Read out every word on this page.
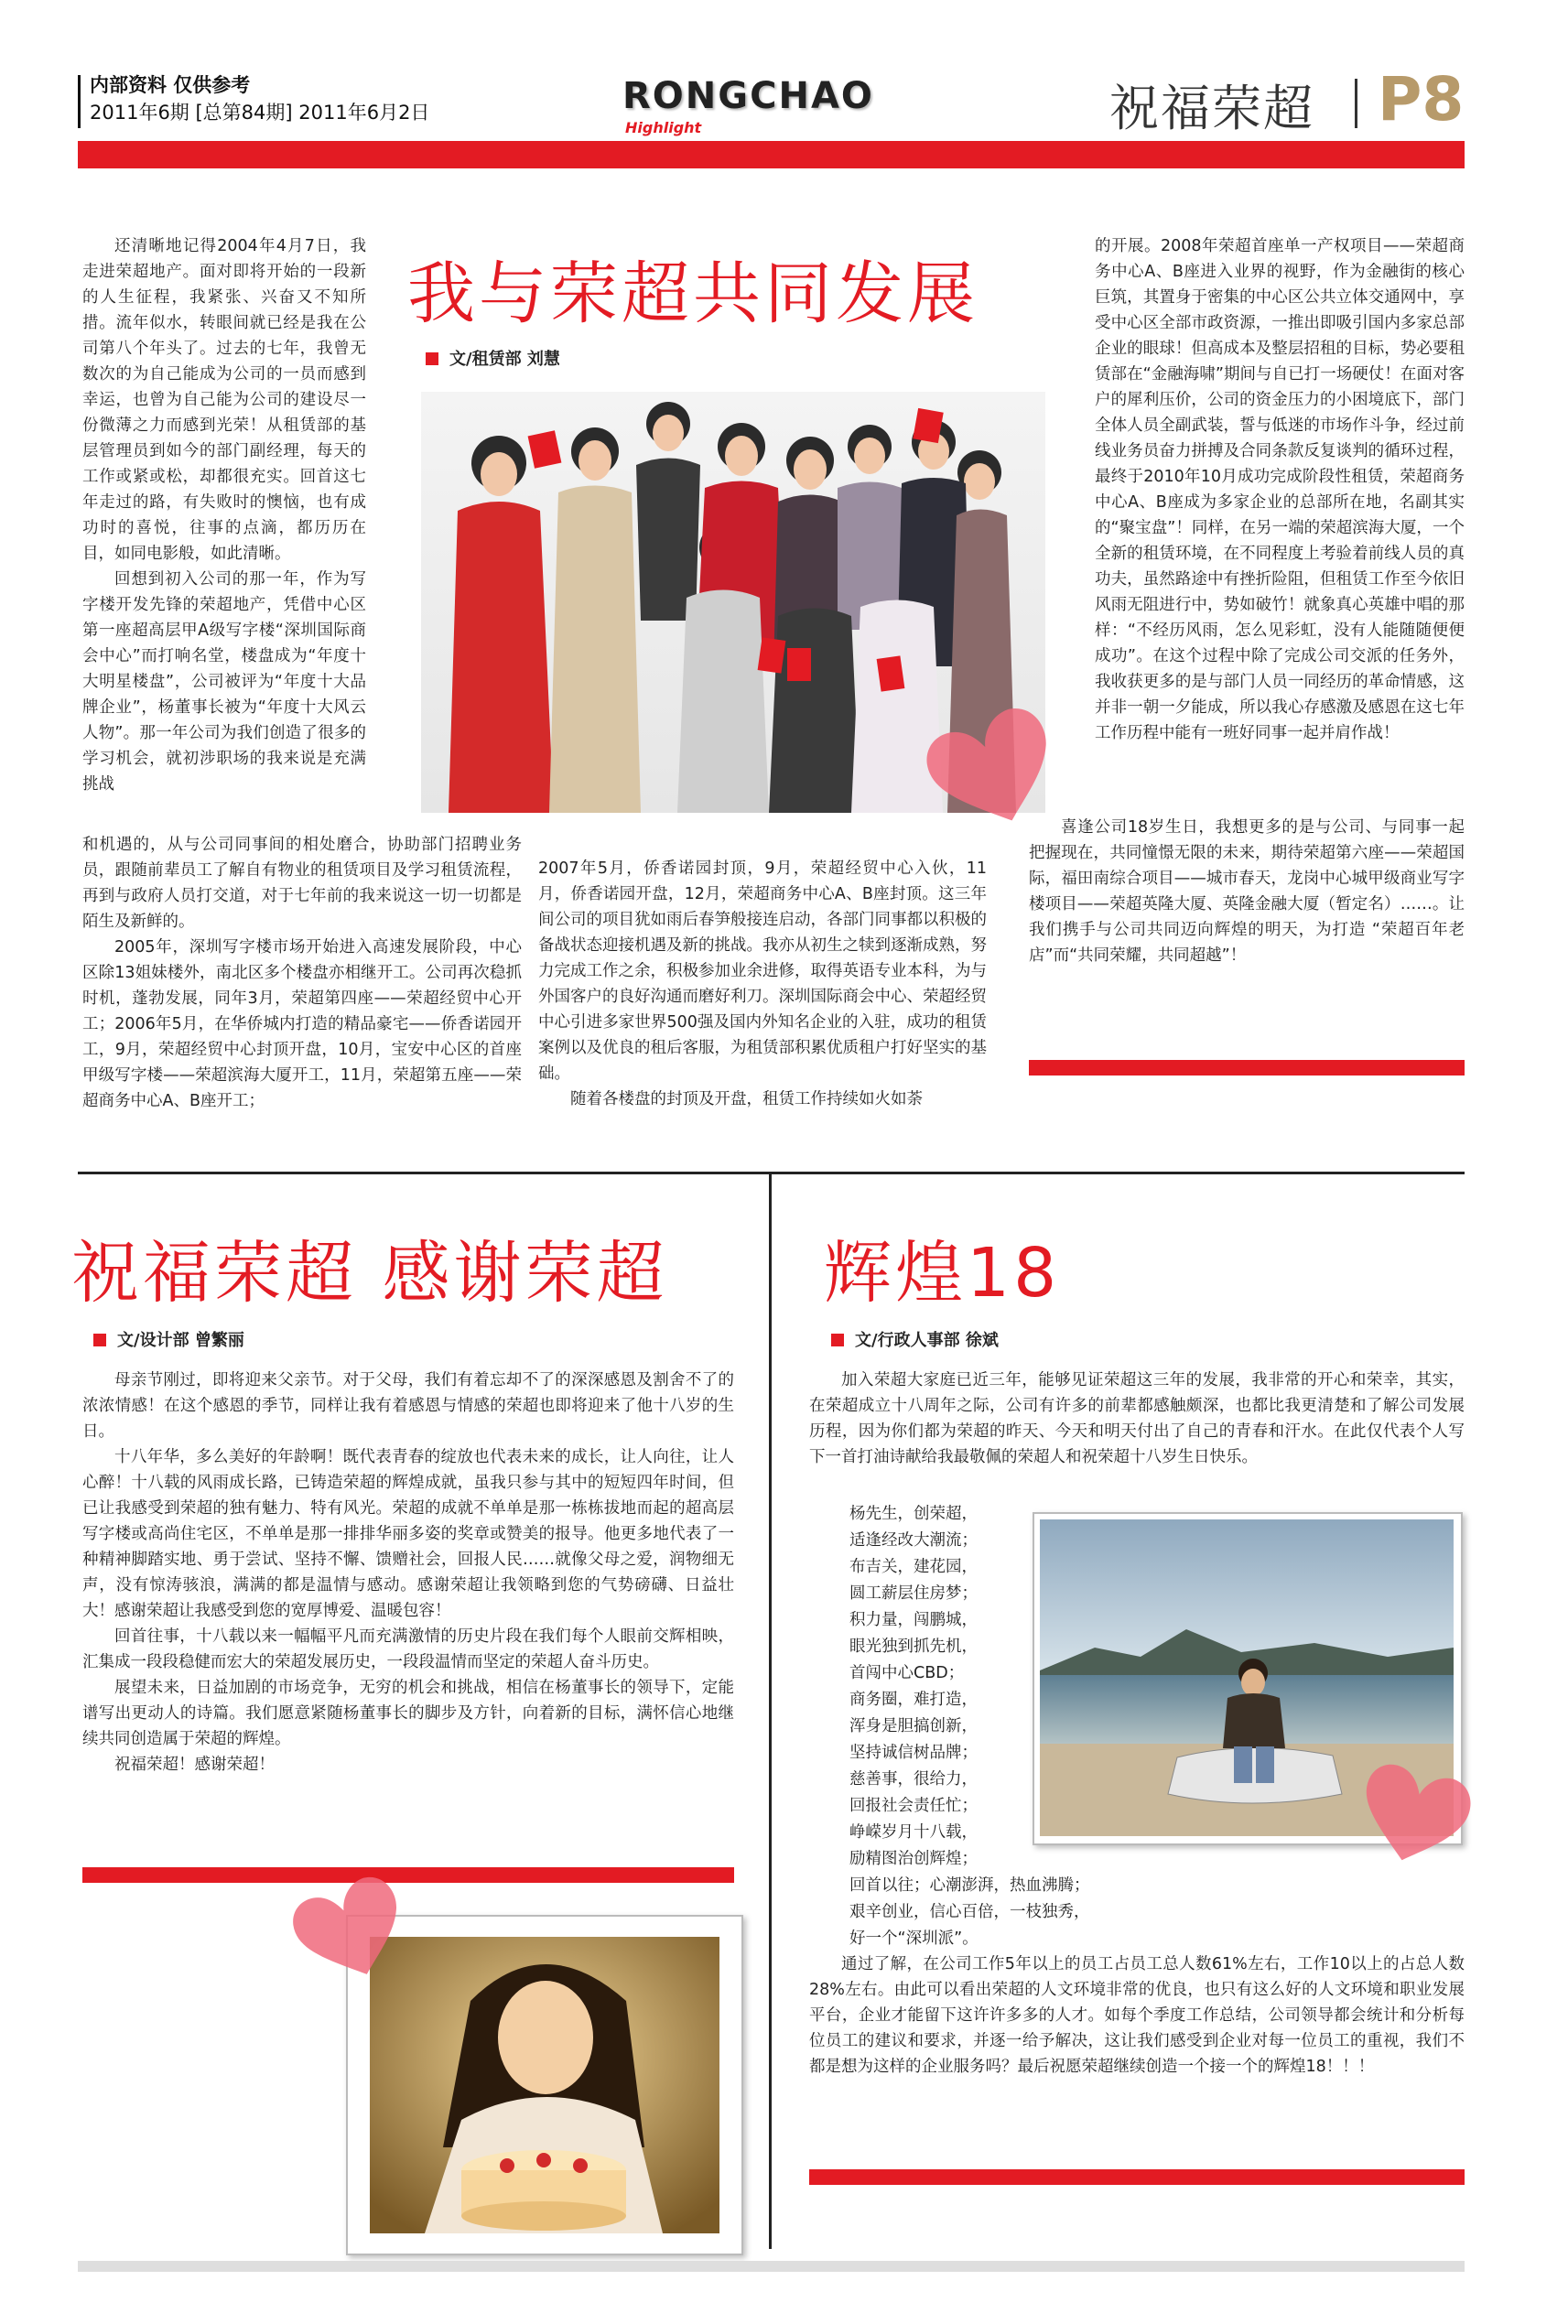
内部资料 仅供参考
2011年6期 [总第84期] 2011年6月2日	RONGCHAO
Highlight	祝福荣超 P8
我与荣超共同发展
文/租赁部 刘慧

还清晰地记得2004年4月7日，我走进荣超地产。面对即将开始的一段新的人生征程，我紧张、兴奋又不知所措。流年似水，转眼间就已经是我在公司第八个年头了。过去的七年，我曾无数次的为自己能成为公司的一员而感到幸运，也曾为自己能为公司的建设尽一份微薄之力而感到光荣！从租赁部的基层管理员到如今的部门副经理，每天的工作或紧或松，却都很充实。回首这七年走过的路，有失败时的懊恼，也有成功时的喜悦，往事的点滴，都历历在目，如同电影般，如此清晰。

回想到初入公司的那一年，作为写字楼开发先锋的荣超地产，凭借中心区第一座超高层甲A级写字楼“深圳国际商会中心”而打响名堂，楼盘成为“年度十大明星楼盘”，公司被评为“年度十大品牌企业”，杨董事长被为“年度十大风云人物”。那一年公司为我们创造了很多的学习机会，就初涉职场的我来说是充满挑战

和机遇的，从与公司同事间的相处磨合，协助部门招聘业务员，跟随前辈员工了解自有物业的租赁项目及学习租赁流程，再到与政府人员打交道，对于七年前的我来说这一切一切都是陌生及新鲜的。

2005年，深圳写字楼市场开始进入高速发展阶段，中心区除13姐妹楼外，南北区多个楼盘亦相继开工。公司再次稳抓时机，蓬勃发展，同年3月，荣超第四座——荣超经贸中心开工；2006年5月，在华侨城内打造的精品豪宅——侨香诺园开工，9月，荣超经贸中心封顶开盘，10月，宝安中心区的首座甲级写字楼——荣超滨海大厦开工，11月，荣超第五座——荣超商务中心A、B座开工；

2007年5月，侨香诺园封顶，9月，荣超经贸中心入伙，11月，侨香诺园开盘，12月，荣超商务中心A、B座封顶。这三年间公司的项目犹如雨后春笋般接连启动，各部门同事都以积极的备战状态迎接机遇及新的挑战。我亦从初生之犊到逐渐成熟，努力完成工作之余，积极参加业余进修，取得英语专业本科，为与外国客户的良好沟通而磨好利刀。深圳国际商会中心、荣超经贸中心引进多家世界500强及国内外知名企业的入驻，成功的租赁案例以及优良的租后客服，为租赁部积累优质租户打好坚实的基础。

随着各楼盘的封顶及开盘，租赁工作持续如火如荼

的开展。2008年荣超首座单一产权项目——荣超商务中心A、B座进入业界的视野，作为金融街的核心巨筑，其置身于密集的中心区公共立体交通网中，享受中心区全部市政资源，一推出即吸引国内多家总部企业的眼球！但高成本及整层招租的目标，势必要租赁部在“金融海啸”期间与自已打一场硬仗！在面对客户的犀利压价，公司的资金压力的小困境底下，部门全体人员全副武装，誓与低迷的市场作斗争，经过前线业务员奋力拼搏及合同条款反复谈判的循环过程，最终于2010年10月成功完成阶段性租赁，荣超商务中心A、B座成为多家企业的总部所在地，名副其实的“聚宝盘”！同样，在另一端的荣超滨海大厦，一个全新的租赁环境，在不同程度上考验着前线人员的真功夫，虽然路途中有挫折险阻，但租赁工作至今依旧风雨无阻进行中，势如破竹！就象真心英雄中唱的那样：“不经历风雨，怎么见彩虹，没有人能随随便便成功”。在这个过程中除了完成公司交派的任务外，我收获更多的是与部门人员一同经历的革命情感，这并非一朝一夕能成，所以我心存感激及感恩在这七年工作历程中能有一班好同事一起并肩作战！

喜逢公司18岁生日，我想更多的是与公司、与同事一起把握现在，共同憧憬无限的未来，期待荣超第六座——荣超国际，福田南综合项目——城市春天，龙岗中心城甲级商业写字楼项目——荣超英隆大厦、英隆金融大厦（暂定名）……。让我们携手与公司共同迈向辉煌的明天，为打造 “荣超百年老店”而“共同荣耀，共同超越”！

祝福荣超 感谢荣超
文/设计部 曾繁丽

母亲节刚过，即将迎来父亲节。对于父母，我们有着忘却不了的深深感恩及割舍不了的浓浓情感！在这个感恩的季节，同样让我有着感恩与情感的荣超也即将迎来了他十八岁的生日。

十八年华，多么美好的年龄啊！既代表青春的绽放也代表未来的成长，让人向往，让人心醉！十八载的风雨成长路，已铸造荣超的辉煌成就，虽我只参与其中的短短四年时间，但已让我感受到荣超的独有魅力、特有风光。荣超的成就不单单是那一栋栋拔地而起的超高层写字楼或高尚住宅区，不单单是那一排排华丽多姿的奖章或赞美的报导。他更多地代表了一种精神脚踏实地、勇于尝试、坚持不懈、馈赠社会，回报人民……就像父母之爱，润物细无声，没有惊涛骇浪，满满的都是温情与感动。感谢荣超让我领略到您的气势磅礴、日益壮大！感谢荣超让我感受到您的宽厚博爱、温暖包容！

回首往事，十八载以来一幅幅平凡而充满激情的历史片段在我们每个人眼前交辉相映，汇集成一段段稳健而宏大的荣超发展历史，一段段温情而坚定的荣超人奋斗历史。

展望未来，日益加剧的市场竞争，无穷的机会和挑战，相信在杨董事长的领导下，定能谱写出更动人的诗篇。我们愿意紧随杨董事长的脚步及方针，向着新的目标，满怀信心地继续共同创造属于荣超的辉煌。

祝福荣超！感谢荣超！

辉煌18
文/行政人事部 徐斌

加入荣超大家庭已近三年，能够见证荣超这三年的发展，我非常的开心和荣幸，其实，在荣超成立十八周年之际，公司有许多的前辈都感触颇深，也都比我更清楚和了解公司发展历程，因为你们都为荣超的昨天、今天和明天付出了自己的青春和汗水。在此仅代表个人写下一首打油诗献给我最敬佩的荣超人和祝荣超十八岁生日快乐。

杨先生，创荣超，
适逢经改大潮流；
布吉关，建花园，
圆工薪层住房梦；
积力量，闯鹏城，
眼光独到抓先机，
首闯中心CBD；
商务圈，难打造，
浑身是胆搞创新，
坚持诚信树品牌；
慈善事，很给力，
回报社会责任忙；
峥嵘岁月十八载，
励精图治创辉煌；
回首以往；心潮澎湃，热血沸腾；
艰辛创业，信心百倍，一枝独秀，
好一个“深圳派”。

通过了解，在公司工作5年以上的员工占员工总人数61%左右，工作10以上的占总人数28%左右。由此可以看出荣超的人文环境非常的优良，也只有这么好的人文环境和职业发展平台，企业才能留下这许许多多的人才。如每个季度工作总结，公司领导都会统计和分析每位员工的建议和要求，并逐一给予解决，这让我们感受到企业对每一位员工的重视，我们不都是想为这样的企业服务吗？最后祝愿荣超继续创造一个接一个的辉煌18！！！
